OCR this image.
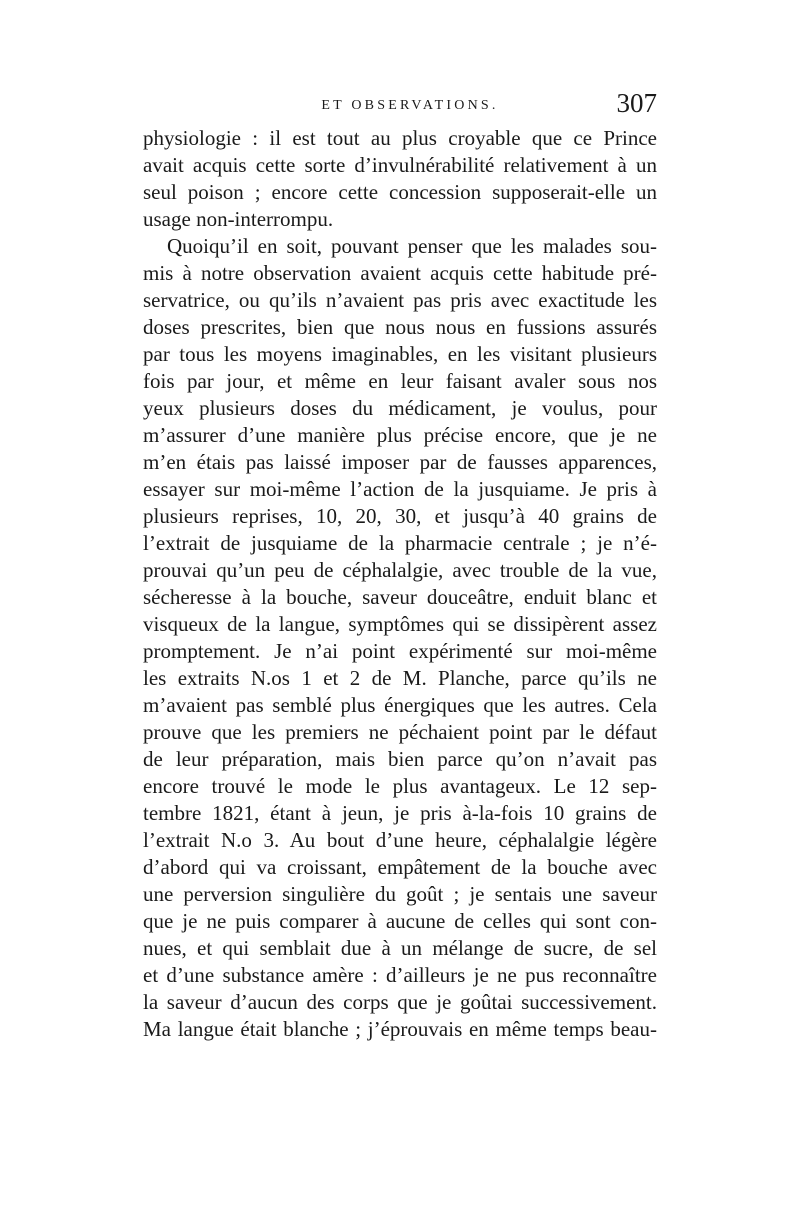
ET OBSERVATIONS.	307
physiologie : il est tout au plus croyable que ce Prince
avait acquis cette sorte d’invulnérabilité relativement à un
seul poison ; encore cette concession supposerait-elle un
usage non-interrompu.
Quoiqu’il en soit, pouvant penser que les malades sou-
mis à notre observation avaient acquis cette habitude pré-
servatrice, ou qu’ils n’avaient pas pris avec exactitude les
doses prescrites, bien que nous nous en fussions assurés
par tous les moyens imaginables, en les visitant plusieurs
fois par jour, et même en leur faisant avaler sous nos
yeux plusieurs doses du médicament, je voulus, pour
m’assurer d’une manière plus précise encore, que je ne
m’en étais pas laissé imposer par de fausses apparences,
essayer sur moi-même l’action de la jusquiame. Je pris à
plusieurs reprises, 10, 20, 30, et jusqu’à 40 grains de
l’extrait de jusquiame de la pharmacie centrale ; je n’é-
prouvai qu’un peu de céphalalgie, avec trouble de la vue,
sécheresse à la bouche, saveur douceâtre, enduit blanc et
visqueux de la langue, symptômes qui se dissipèrent assez
promptement. Je n’ai point expérimenté sur moi-même
les extraits N.os 1 et 2 de M. Planche, parce qu’ils ne
m’avaient pas semblé plus énergiques que les autres. Cela
prouve que les premiers ne péchaient point par le défaut
de leur préparation, mais bien parce qu’on n’avait pas
encore trouvé le mode le plus avantageux. Le 12 sep-
tembre 1821, étant à jeun, je pris à-la-fois 10 grains de
l’extrait N.o 3. Au bout d’une heure, céphalalgie légère
d’abord qui va croissant, empâtement de la bouche avec
une perversion singulière du goût ; je sentais une saveur
que je ne puis comparer à aucune de celles qui sont con-
nues, et qui semblait due à un mélange de sucre, de sel
et d’une substance amère : d’ailleurs je ne pus reconnaître
la saveur d’aucun des corps que je goûtai successivement.
Ma langue était blanche ; j’éprouvais en même temps beau-
